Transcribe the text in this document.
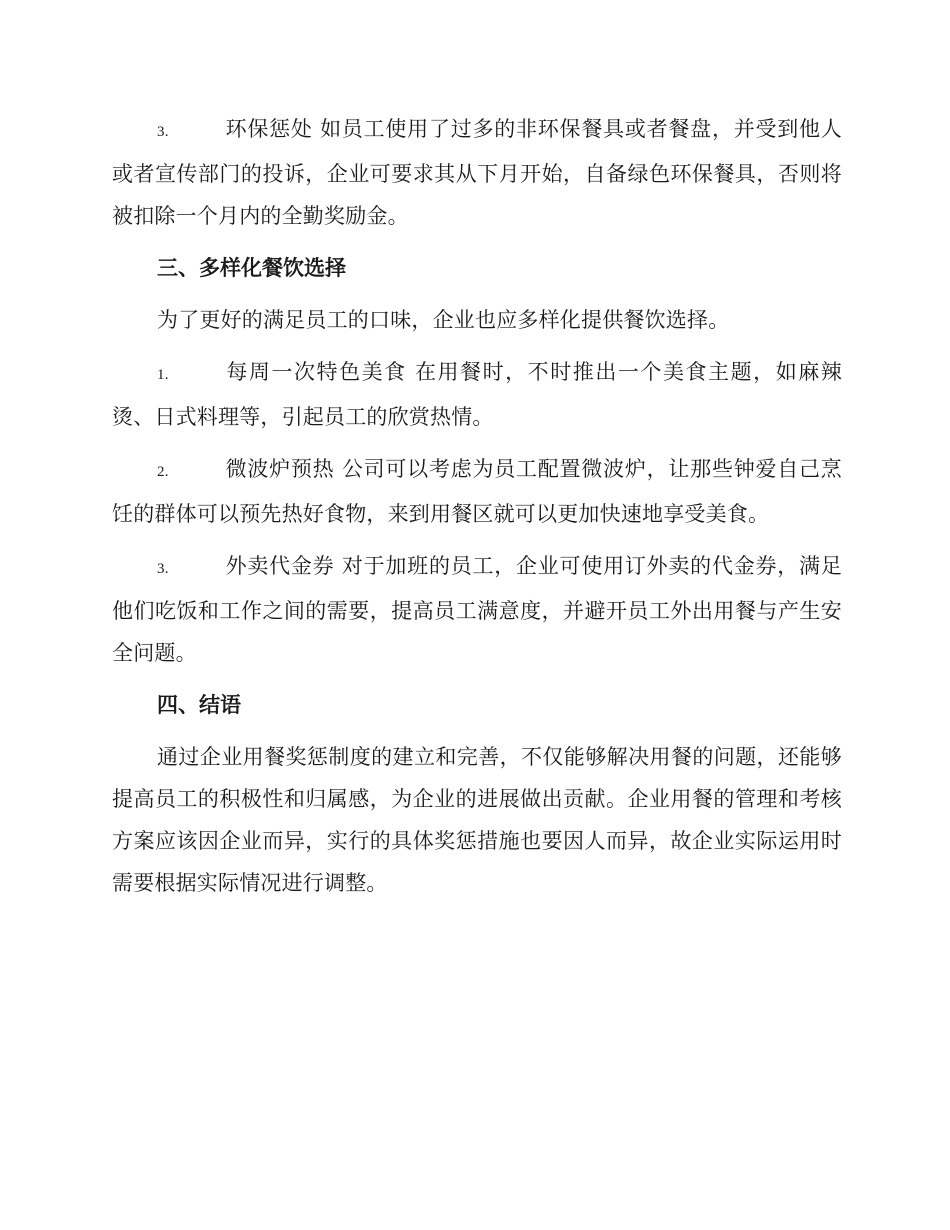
3.	环保惩处 如员工使用了过多的非环保餐具或者餐盘，并受到他人或者宣传部门的投诉，企业可要求其从下月开始，自备绿色环保餐具，否则将被扣除一个月内的全勤奖励金。

三、多样化餐饮选择

为了更好的满足员工的口味，企业也应多样化提供餐饮选择。

1.	每周一次特色美食 在用餐时，不时推出一个美食主题，如麻辣烫、日式料理等，引起员工的欣赏热情。

2.	微波炉预热 公司可以考虑为员工配置微波炉，让那些钟爱自己烹饪的群体可以预先热好食物，来到用餐区就可以更加快速地享受美食。

3.	外卖代金券 对于加班的员工，企业可使用订外卖的代金券，满足他们吃饭和工作之间的需要，提高员工满意度，并避开员工外出用餐与产生安全问题。

四、结语

通过企业用餐奖惩制度的建立和完善，不仅能够解决用餐的问题，还能够提高员工的积极性和归属感，为企业的进展做出贡献。企业用餐的管理和考核方案应该因企业而异，实行的具体奖惩措施也要因人而异，故企业实际运用时需要根据实际情况进行调整。
